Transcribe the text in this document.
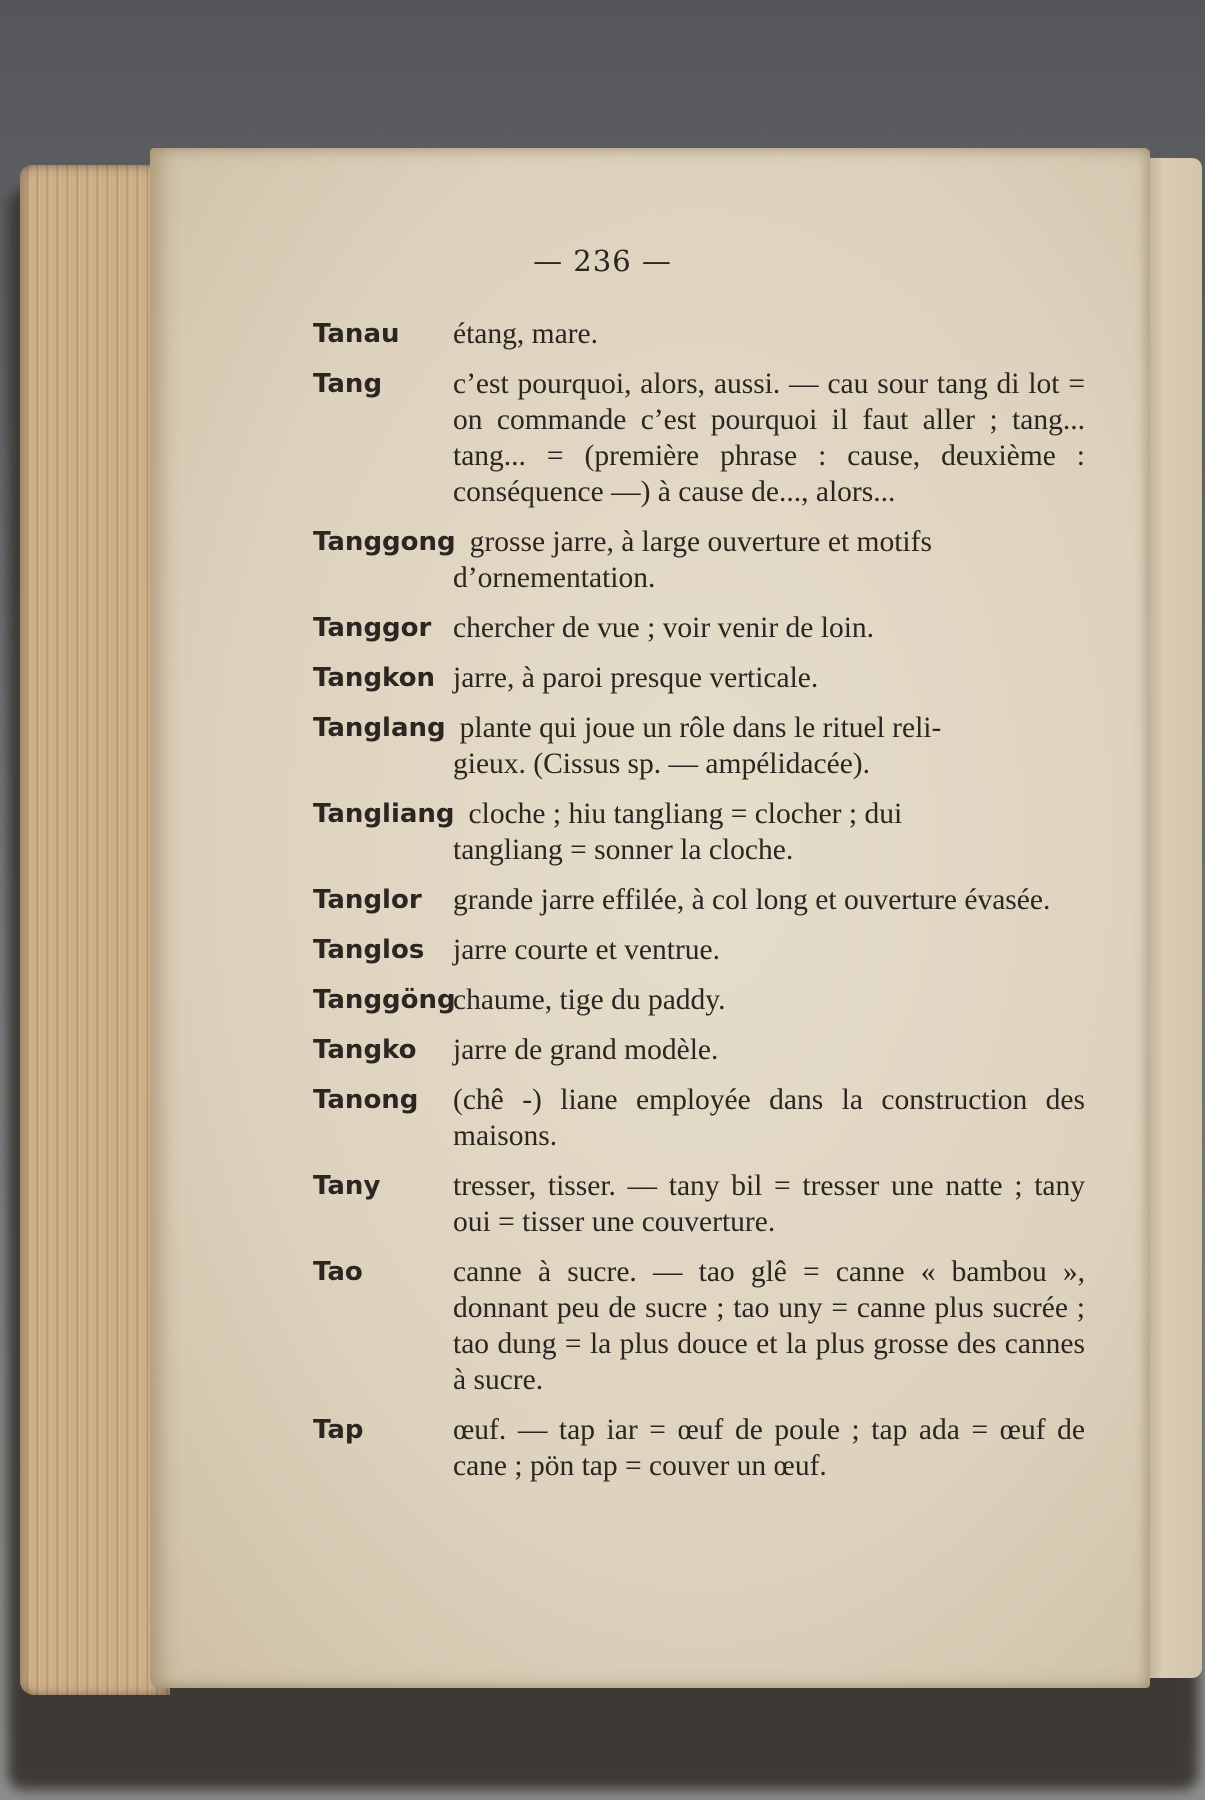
— 236 —
Tanau étang, mare.
Tang c’est pourquoi, alors, aussi. — cau sour tang di lot = on commande c’est pourquoi il faut aller ; tang... tang... = (première phrase : cause, deuxième : conséquence —) à cause de..., alors...
Tanggong grosse jarre, à large ouverture et motifs
d’ornementation.
Tanggor chercher de vue ; voir venir de loin.
Tangkon jarre, à paroi presque verticale.
Tanglang plante qui joue un rôle dans le rituel reli-
gieux. (Cissus sp. — ampélidacée).
Tangliang cloche ; hiu tangliang = clocher ; dui
tangliang = sonner la cloche.
Tanglor grande jarre effilée, à col long et ouverture évasée.
Tanglos jarre courte et ventrue.
Tanggöngchaume, tige du paddy.
Tangko jarre de grand modèle.
Tanong (chê -) liane employée dans la construction des maisons.
Tany tresser, tisser. — tany bil = tresser une natte ; tany oui = tisser une couverture.
Tao	canne à sucre. — tao glê = canne « bambou », donnant peu de sucre ; tao uny = canne plus sucrée ; tao dung = la plus douce et la plus grosse des cannes à sucre.
Tap	œuf. — tap iar = œuf de poule ; tap ada = œuf de cane ; pön tap = couver un œuf.
